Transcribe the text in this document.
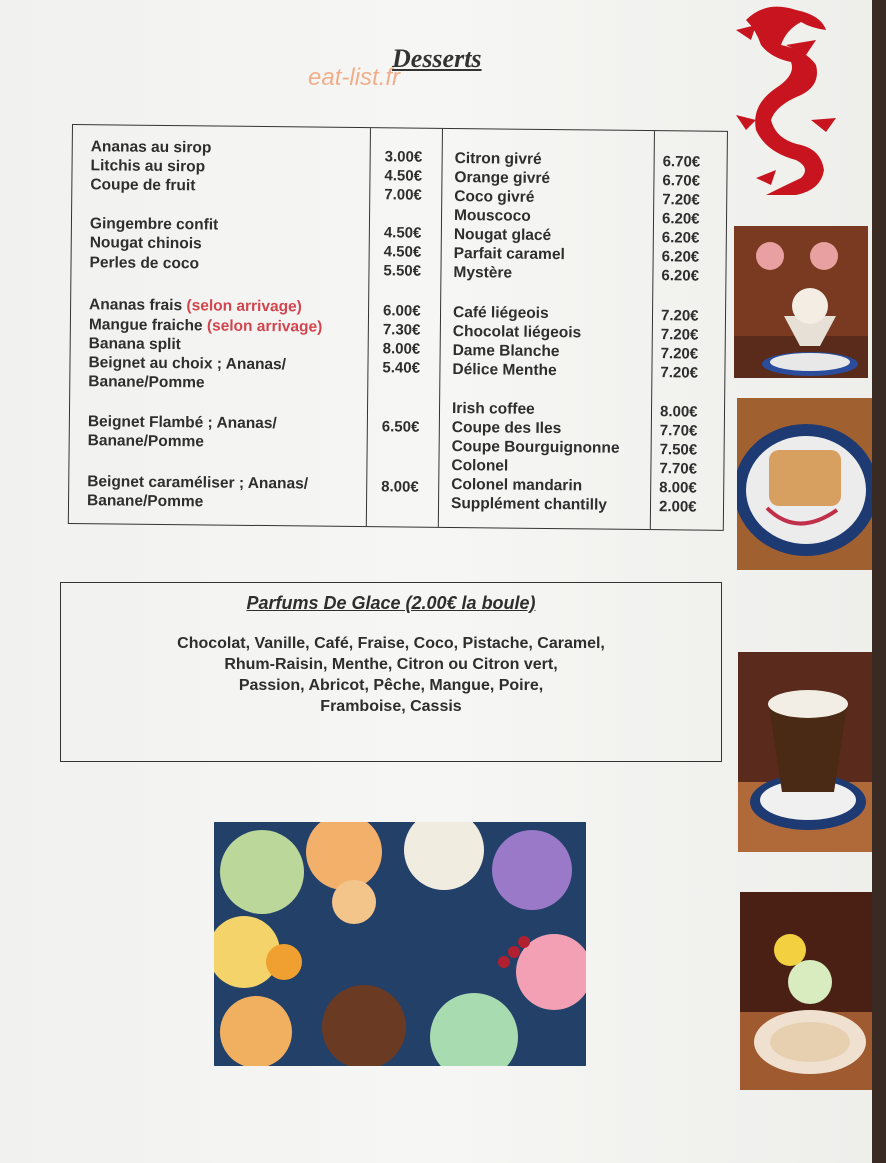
Desserts
eat-list.fr
Ananas au sirop
Litchis au sirop
Coupe de fruit
Gingembre confit
Nougat chinois
Perles de coco
Ananas frais (selon arrivage)
Mangue fraiche (selon arrivage)
Banana split
Beignet au choix ; Ananas/
Banane/Pomme
Beignet Flambé ; Ananas/
Banane/Pomme
Beignet caraméliser ; Ananas/
Banane/Pomme
3.00€
4.50€
7.00€
4.50€
4.50€
5.50€
6.00€
7.30€
8.00€
5.40€
6.50€
8.00€
Citron givré
Orange givré
Coco givré
Mouscoco
Nougat glacé
Parfait caramel
Mystère
Café liégeois
Chocolat liégeois
Dame Blanche
Délice Menthe
Irish coffee
Coupe des Iles
Coupe Bourguignonne
Colonel
Colonel mandarin
Supplément chantilly
6.70€
6.70€
7.20€
6.20€
6.20€
6.20€
6.20€
7.20€
7.20€
7.20€
7.20€
8.00€
7.70€
7.50€
7.70€
8.00€
2.00€
Parfums De Glace (2.00€ la boule)
Chocolat, Vanille, Café, Fraise, Coco, Pistache, Caramel,
Rhum-Raisin, Menthe, Citron ou Citron vert,
Passion, Abricot, Pêche, Mangue, Poire,
Framboise, Cassis
